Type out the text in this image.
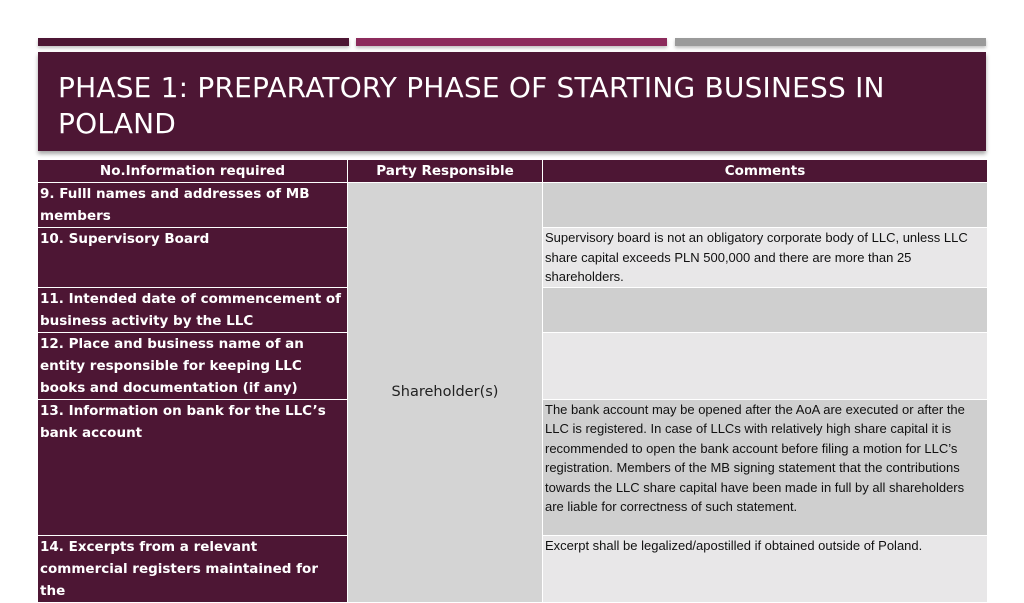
PHASE 1: PREPARATORY PHASE OF STARTING BUSINESS IN POLAND
No.Information required	Party Responsible	Comments
9. Fulll names and addresses of MB members	Shareholder(s)	
10. Supervisory Board		Supervisory board is not an obligatory corporate body of LLC, unless LLC share capital exceeds PLN 500,000 and there are more than 25 shareholders.
11. Intended date of commencement of business activity by the LLC		
12. Place and business name of an entity responsible for keeping LLC books and documentation (if any)		
13. Information on bank for the LLC’s bank account		The bank account may be opened after the AoA are executed or after the LLC is registered. In case of LLCs with relatively high share capital it is recommended to open the bank account before filing a motion for LLC’s registration. Members of the MB signing statement that the contributions towards the LLC share capital have been made in full by all shareholders are liable for correctness of such statement.
14. Excerpts from a relevant commercial registers maintained for the		Excerpt shall be legalized/apostilled if obtained outside of Poland.
